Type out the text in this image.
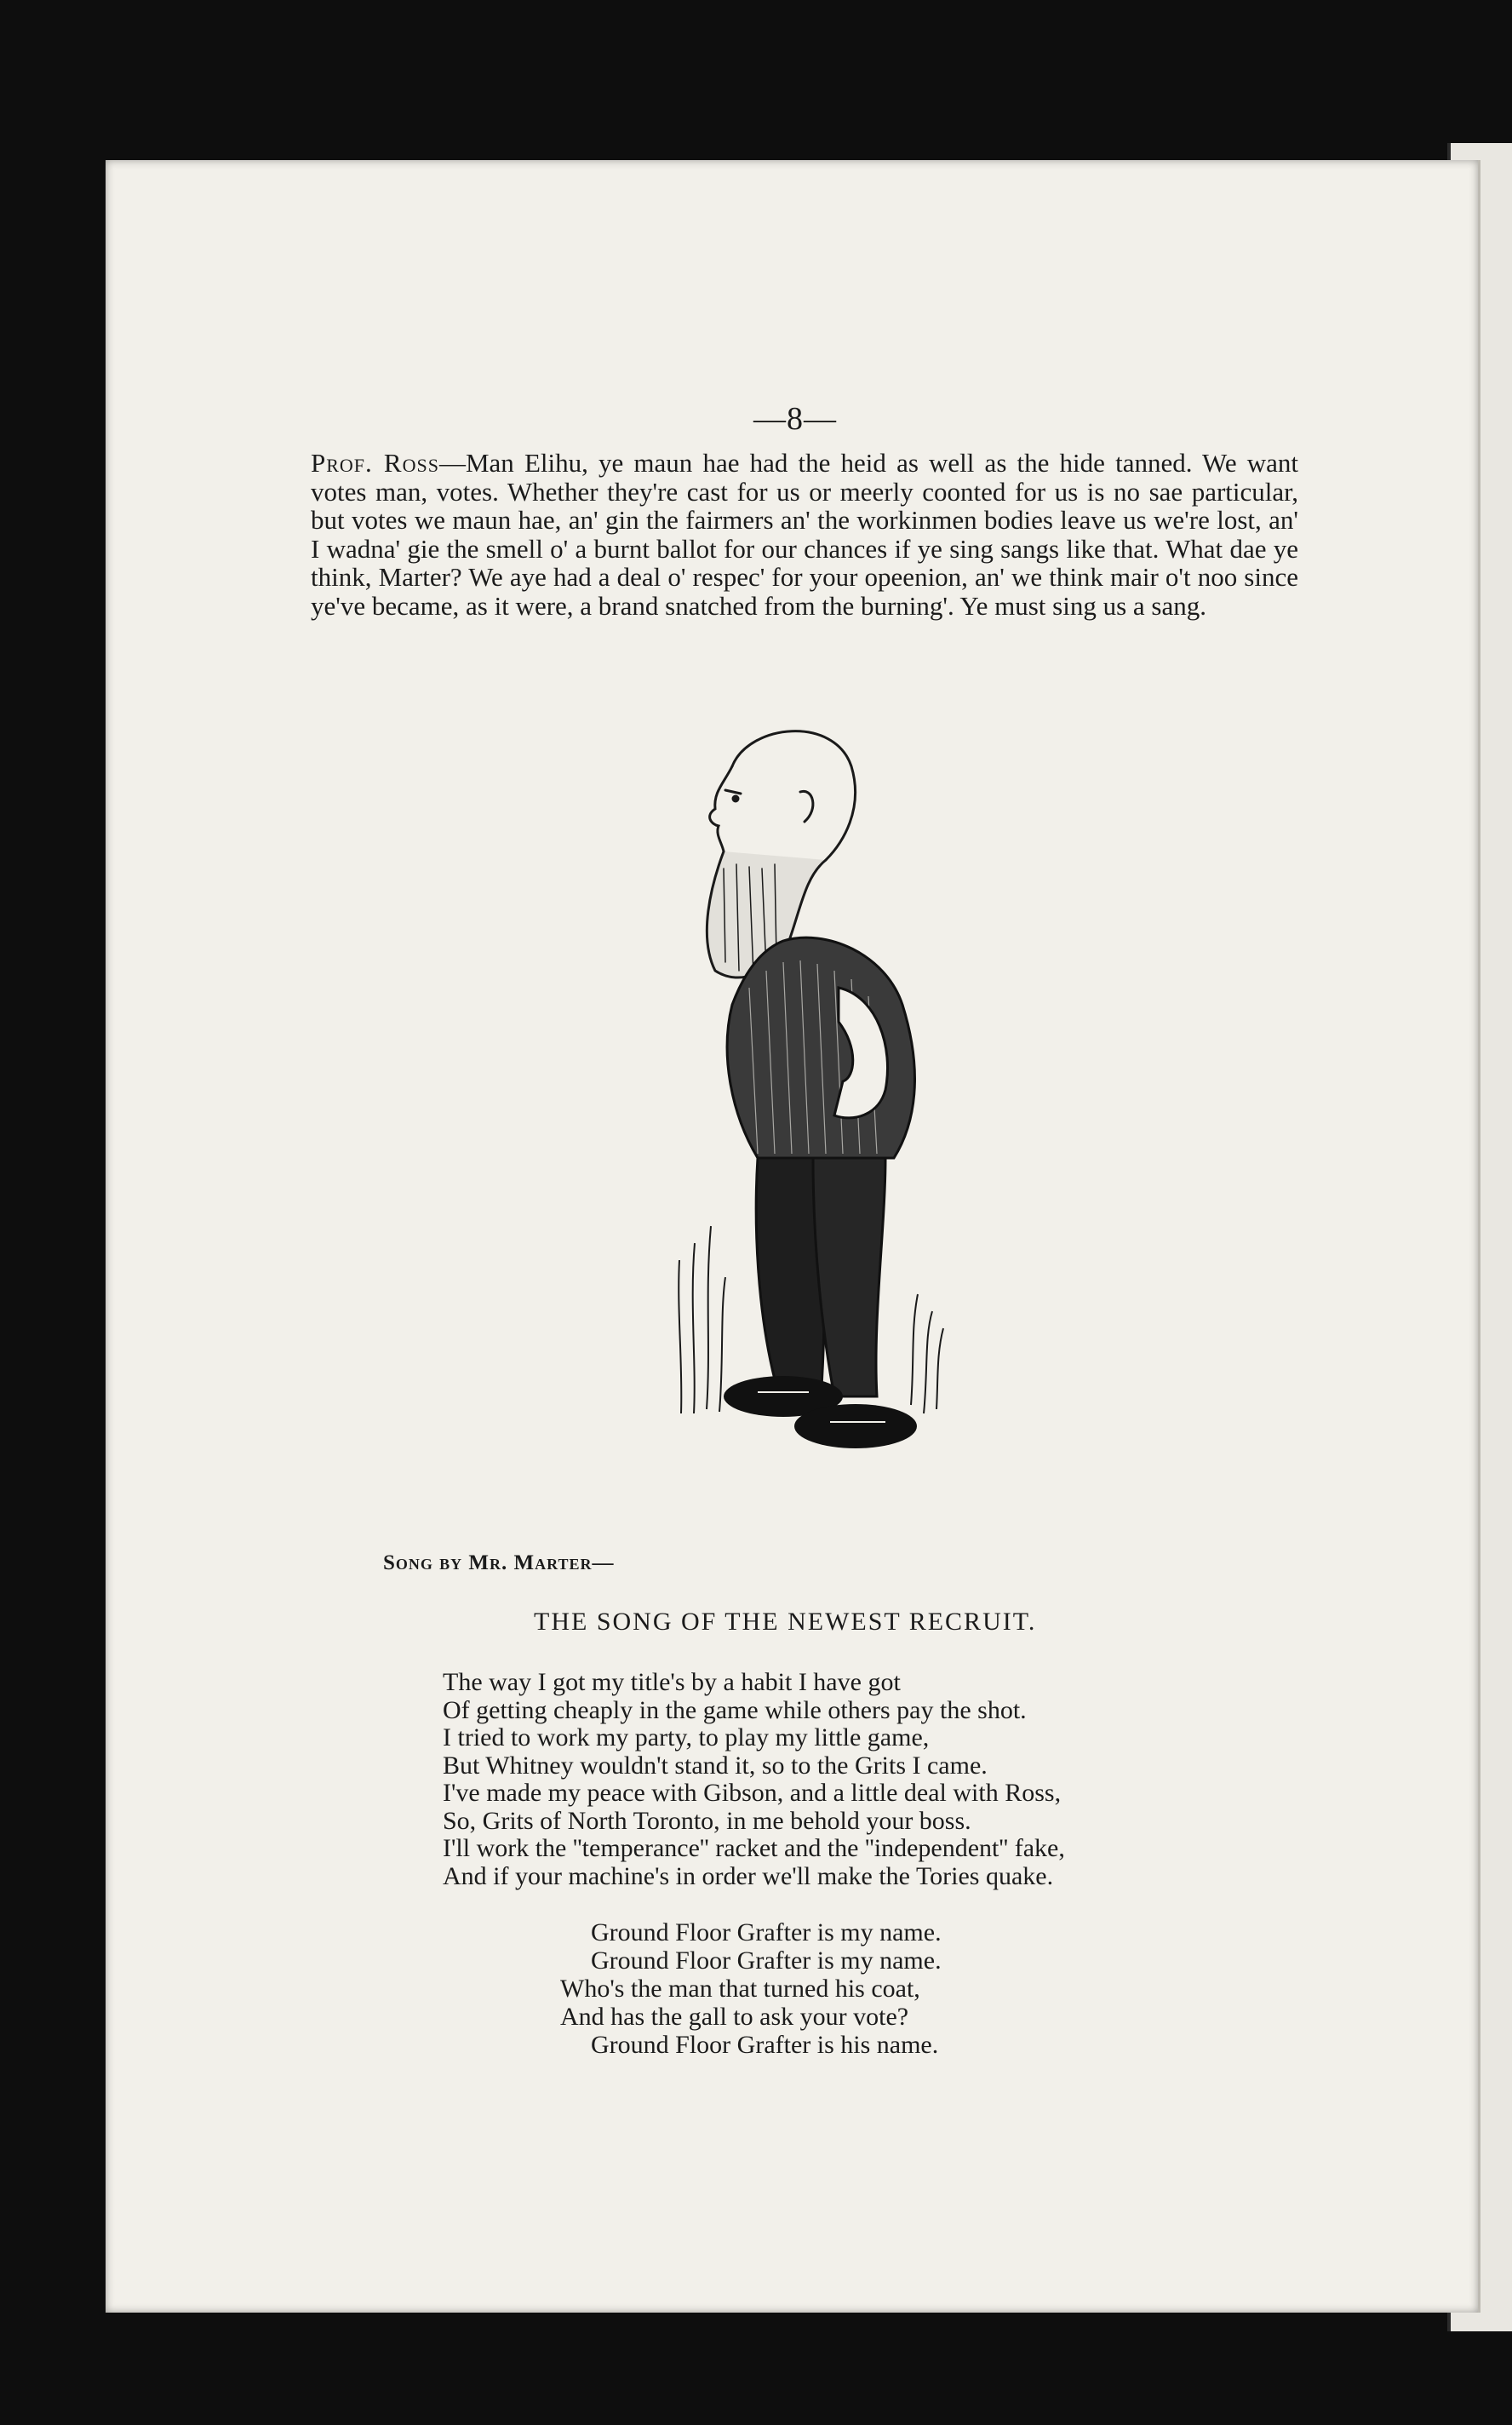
—8—
Prof. Ross—Man Elihu, ye maun hae had the heid as well as the hide tanned. We want votes man, votes. Whether they're cast for us or meerly coonted for us is no sae particular, but votes we maun hae, an' gin the fairmers an' the workinmen bodies leave us we're lost, an' I wadna' gie the smell o' a burnt ballot for our chances if ye sing sangs like that. What dae ye think, Marter? We aye had a deal o' respec' for your opeenion, an' we think mair o't noo since ye've became, as it were, a brand snatched from the burning'. Ye must sing us a sang.
Song by Mr. Marter—
THE SONG OF THE NEWEST RECRUIT.
The way I got my title's by a habit I have got
Of getting cheaply in the game while others pay the shot.
I tried to work my party, to play my little game,
But Whitney wouldn't stand it, so to the Grits I came.
I've made my peace with Gibson, and a little deal with Ross,
So, Grits of North Toronto, in me behold your boss.
I'll work the ''temperance'' racket and the ''independent'' fake,
And if your machine's in order we'll make the Tories quake.
Ground Floor Grafter is my name.
Ground Floor Grafter is my name.
Who's the man that turned his coat,
And has the gall to ask your vote?
Ground Floor Grafter is his name.
